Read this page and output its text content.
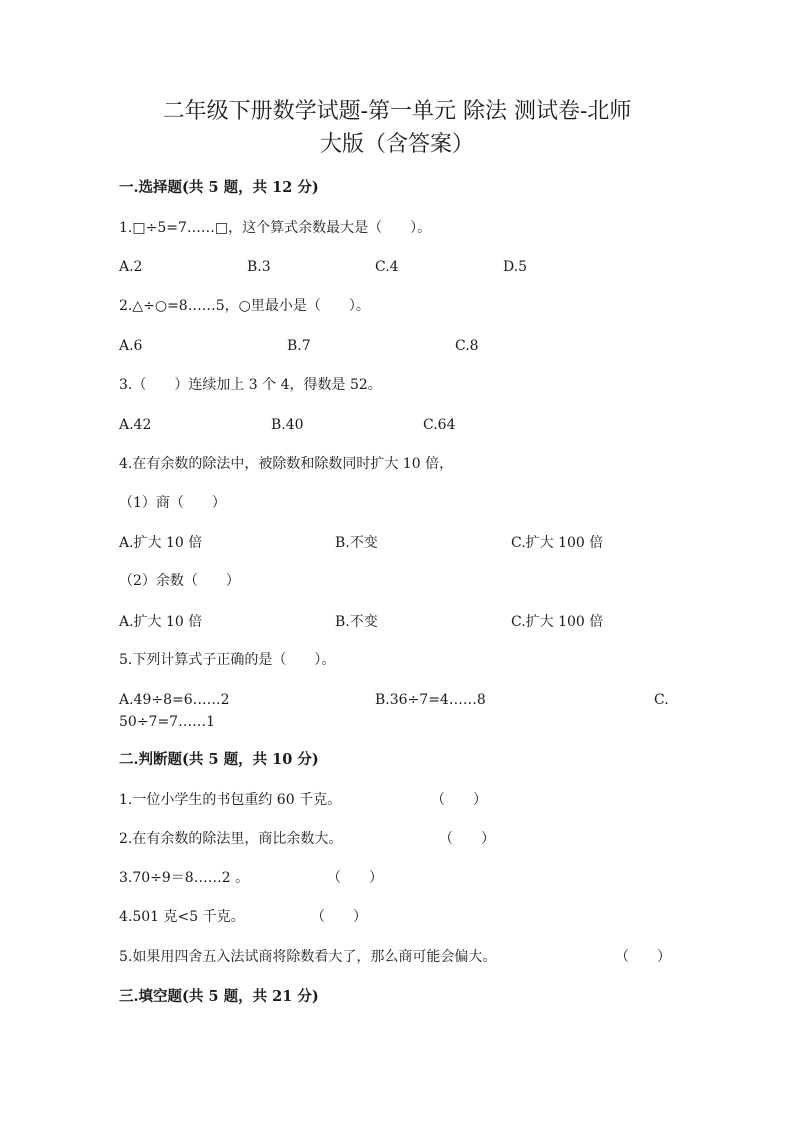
二年级下册数学试题-第一单元 除法 测试卷-北师
大版（含答案）
一.选择题(共 5 题，共 12 分)
1.□÷5=7……□，这个算式余数最大是（　　）。
A.2	B.3	C.4	D.5
2.△÷○=8……5，○里最小是（　　）。
A.6	B.7	C.8
3.（　　）连续加上 3 个 4，得数是 52。
A.42	B.40	C.64
4.在有余数的除法中，被除数和除数同时扩大 10 倍，
（1）商（　　）
A.扩大 10 倍	B.不变	C.扩大 100 倍
（2）余数（　　）
A.扩大 10 倍	B.不变	C.扩大 100 倍
5.下列计算式子正确的是（　　）。
A.49÷8=6……2	B.36÷7=4……8	C.
50÷7=7……1
二.判断题(共 5 题，共 10 分)
1.一位小学生的书包重约 60 千克。	（　　）
2.在有余数的除法里，商比余数大。	（　　）
3.70÷9＝8……2 。	（　　）
4.501 克<5 千克。	（　　）
5.如果用四舍五入法试商将除数看大了，那么商可能会偏大。	（　　）
三.填空题(共 5 题，共 21 分)
